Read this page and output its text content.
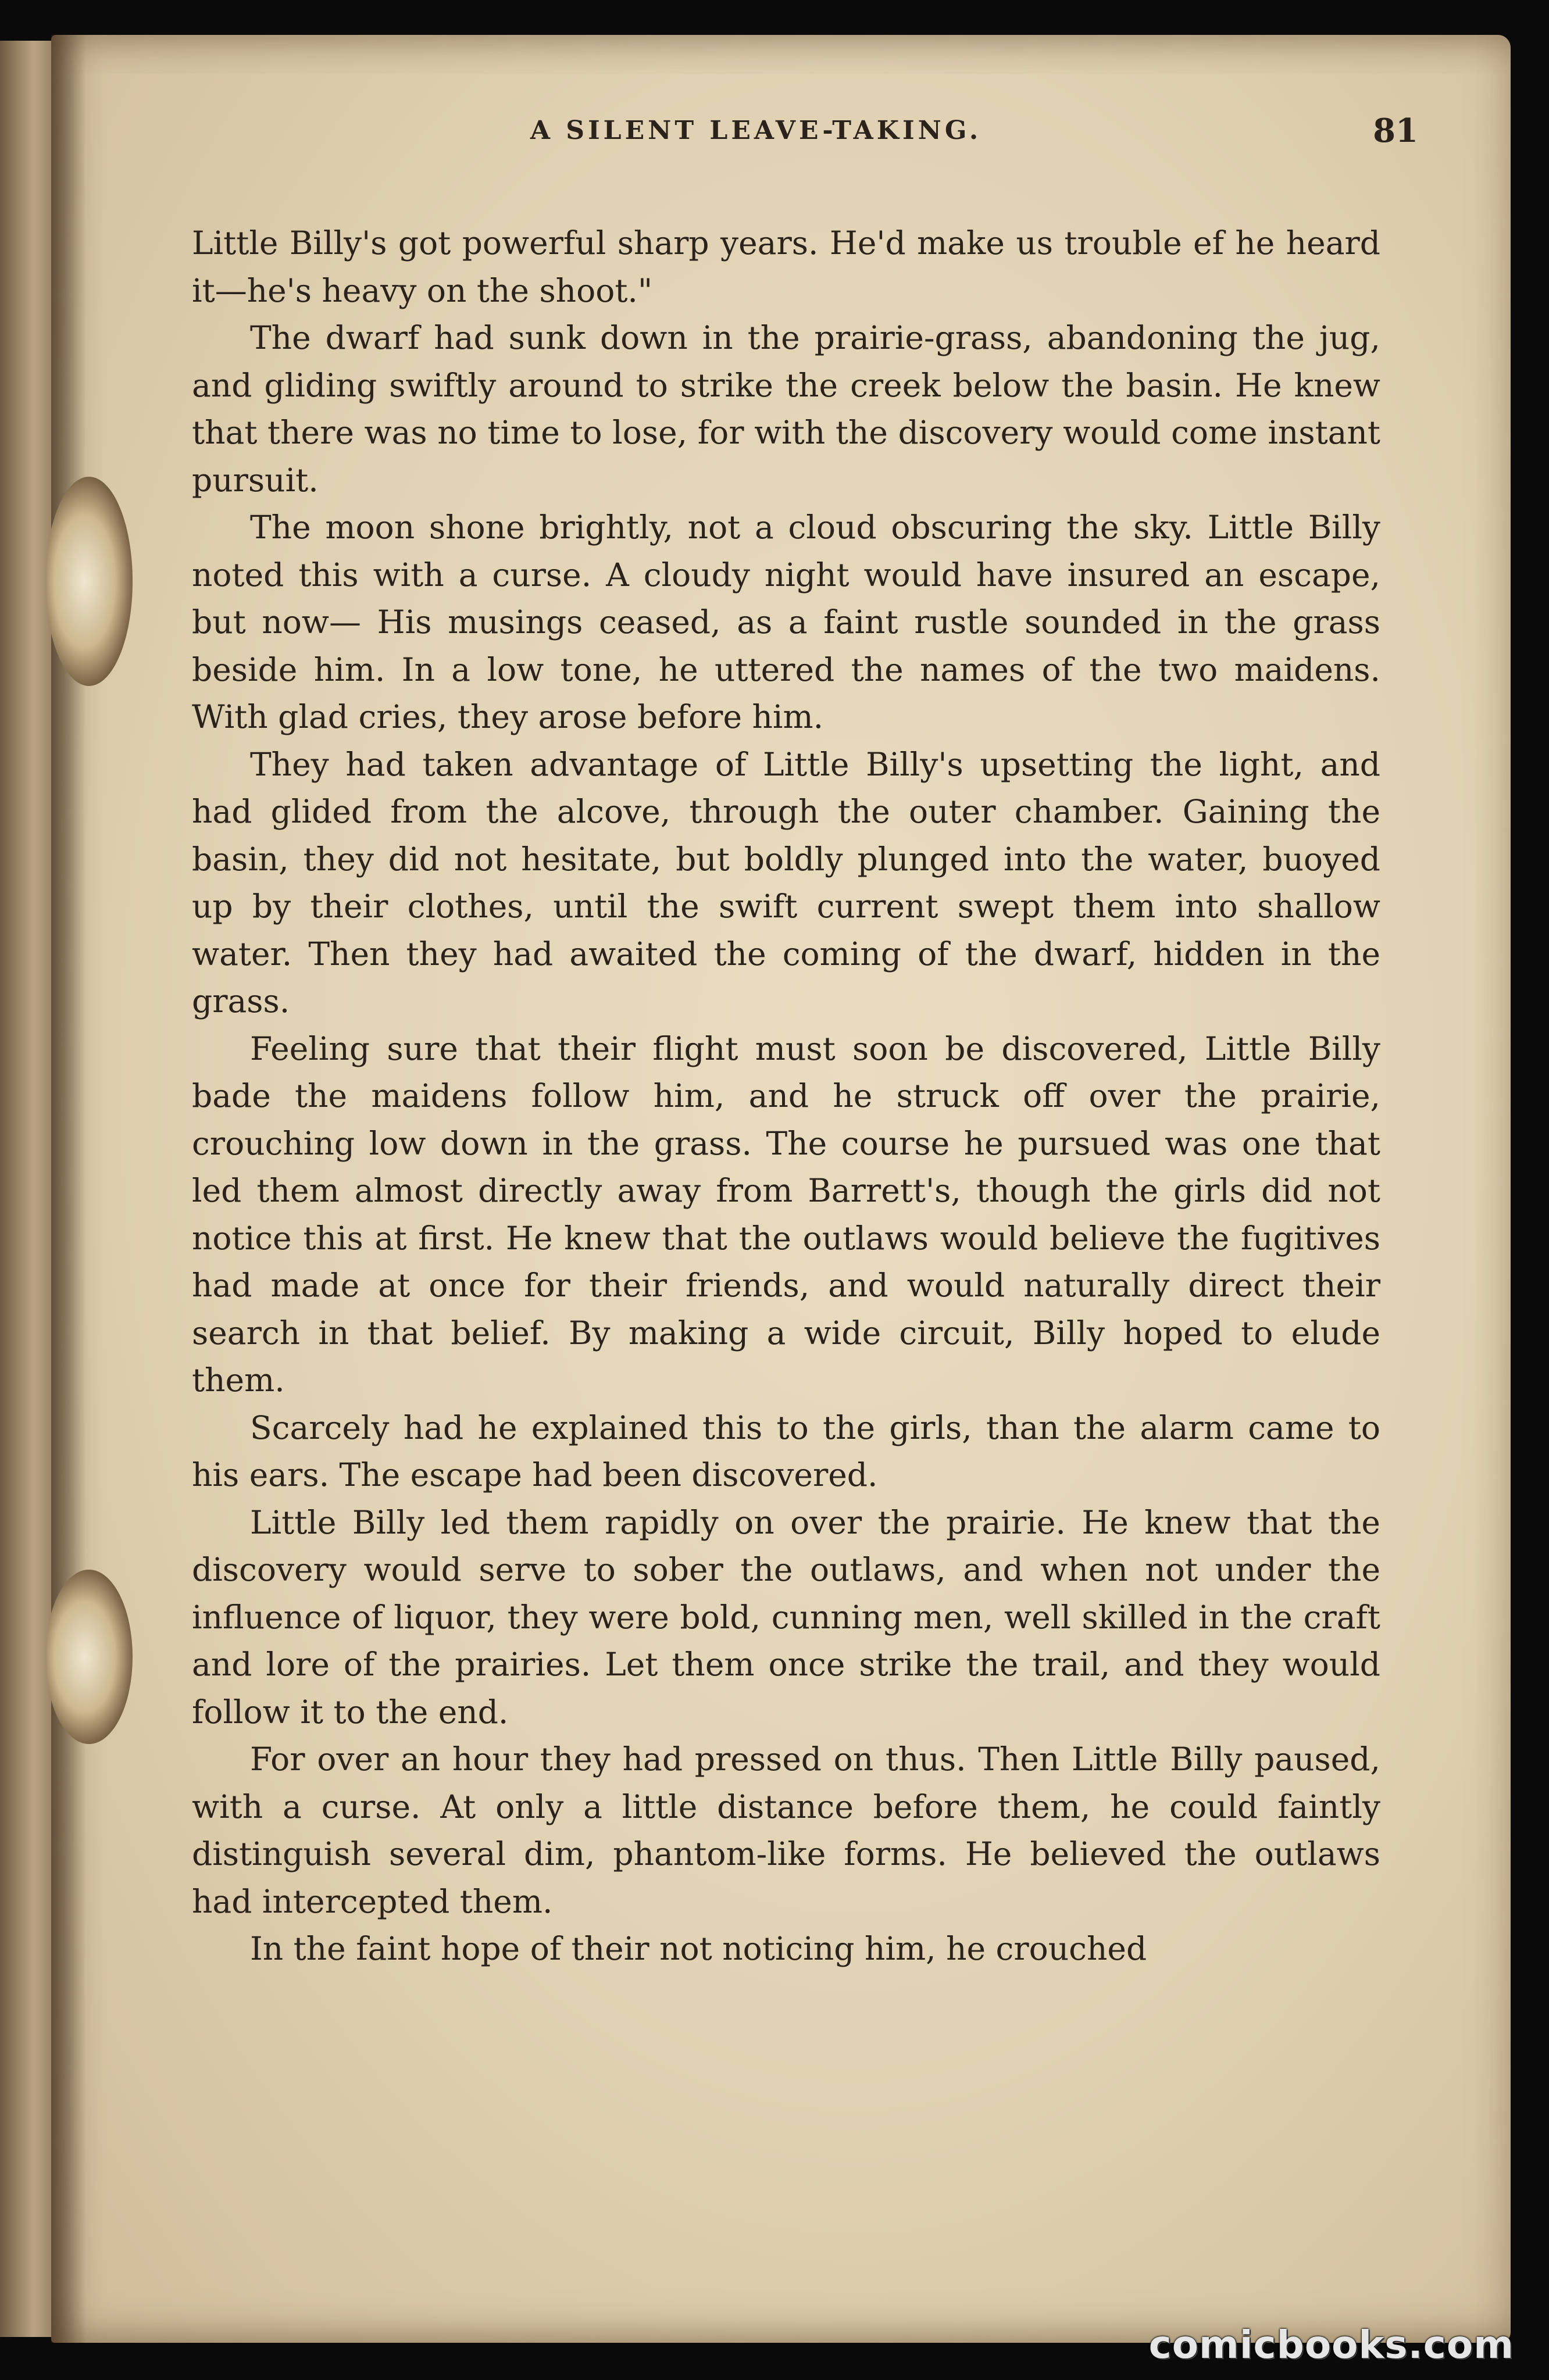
A SILENT LEAVE-TAKING.	81

Little Billy's got powerful sharp years. He'd make us trouble ef he heard it—he's heavy on the shoot."

The dwarf had sunk down in the prairie-grass, abandoning the jug, and gliding swiftly around to strike the creek below the basin. He knew that there was no time to lose, for with the discovery would come instant pursuit.

The moon shone brightly, not a cloud obscuring the sky. Little Billy noted this with a curse. A cloudy night would have insured an escape, but now— His musings ceased, as a faint rustle sounded in the grass beside him. In a low tone, he uttered the names of the two maidens. With glad cries, they arose before him.

They had taken advantage of Little Billy's upsetting the light, and had glided from the alcove, through the outer chamber. Gaining the basin, they did not hesitate, but boldly plunged into the water, buoyed up by their clothes, until the swift current swept them into shallow water. Then they had awaited the coming of the dwarf, hidden in the grass.

Feeling sure that their flight must soon be discovered, Little Billy bade the maidens follow him, and he struck off over the prairie, crouching low down in the grass. The course he pursued was one that led them almost directly away from Barrett's, though the girls did not notice this at first. He knew that the outlaws would believe the fugitives had made at once for their friends, and would naturally direct their search in that belief. By making a wide circuit, Billy hoped to elude them.

Scarcely had he explained this to the girls, than the alarm came to his ears. The escape had been discovered.

Little Billy led them rapidly on over the prairie. He knew that the discovery would serve to sober the outlaws, and when not under the influence of liquor, they were bold, cunning men, well skilled in the craft and lore of the prairies. Let them once strike the trail, and they would follow it to the end.

For over an hour they had pressed on thus. Then Little Billy paused, with a curse. At only a little distance before them, he could faintly distinguish several dim, phantom-like forms. He believed the outlaws had intercepted them.

In the faint hope of their not noticing him, he crouched

comicbooks.com
